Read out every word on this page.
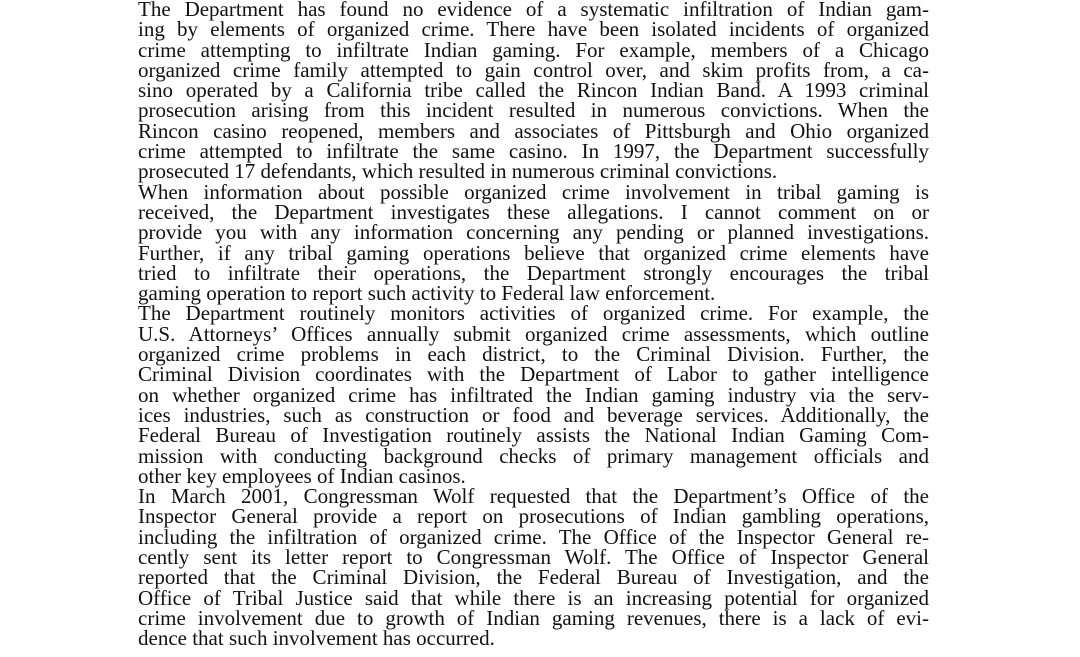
The Department has found no evidence of a systematic infiltration of Indian gam-
ing by elements of organized crime. There have been isolated incidents of organized
crime attempting to infiltrate Indian gaming. For example, members of a Chicago
organized crime family attempted to gain control over, and skim profits from, a ca-
sino operated by a California tribe called the Rincon Indian Band. A 1993 criminal
prosecution arising from this incident resulted in numerous convictions. When the
Rincon casino reopened, members and associates of Pittsburgh and Ohio organized
crime attempted to infiltrate the same casino. In 1997, the Department successfully
prosecuted 17 defendants, which resulted in numerous criminal convictions.
When information about possible organized crime involvement in tribal gaming is
received, the Department investigates these allegations. I cannot comment on or
provide you with any information concerning any pending or planned investigations.
Further, if any tribal gaming operations believe that organized crime elements have
tried to infiltrate their operations, the Department strongly encourages the tribal
gaming operation to report such activity to Federal law enforcement.
The Department routinely monitors activities of organized crime. For example, the
U.S. Attorneys’ Offices annually submit organized crime assessments, which outline
organized crime problems in each district, to the Criminal Division. Further, the
Criminal Division coordinates with the Department of Labor to gather intelligence
on whether organized crime has infiltrated the Indian gaming industry via the serv-
ices industries, such as construction or food and beverage services. Additionally, the
Federal Bureau of Investigation routinely assists the National Indian Gaming Com-
mission with conducting background checks of primary management officials and
other key employees of Indian casinos.
In March 2001, Congressman Wolf requested that the Department’s Office of the
Inspector General provide a report on prosecutions of Indian gambling operations,
including the infiltration of organized crime. The Office of the Inspector General re-
cently sent its letter report to Congressman Wolf. The Office of Inspector General
reported that the Criminal Division, the Federal Bureau of Investigation, and the
Office of Tribal Justice said that while there is an increasing potential for organized
crime involvement due to growth of Indian gaming revenues, there is a lack of evi-
dence that such involvement has occurred.
